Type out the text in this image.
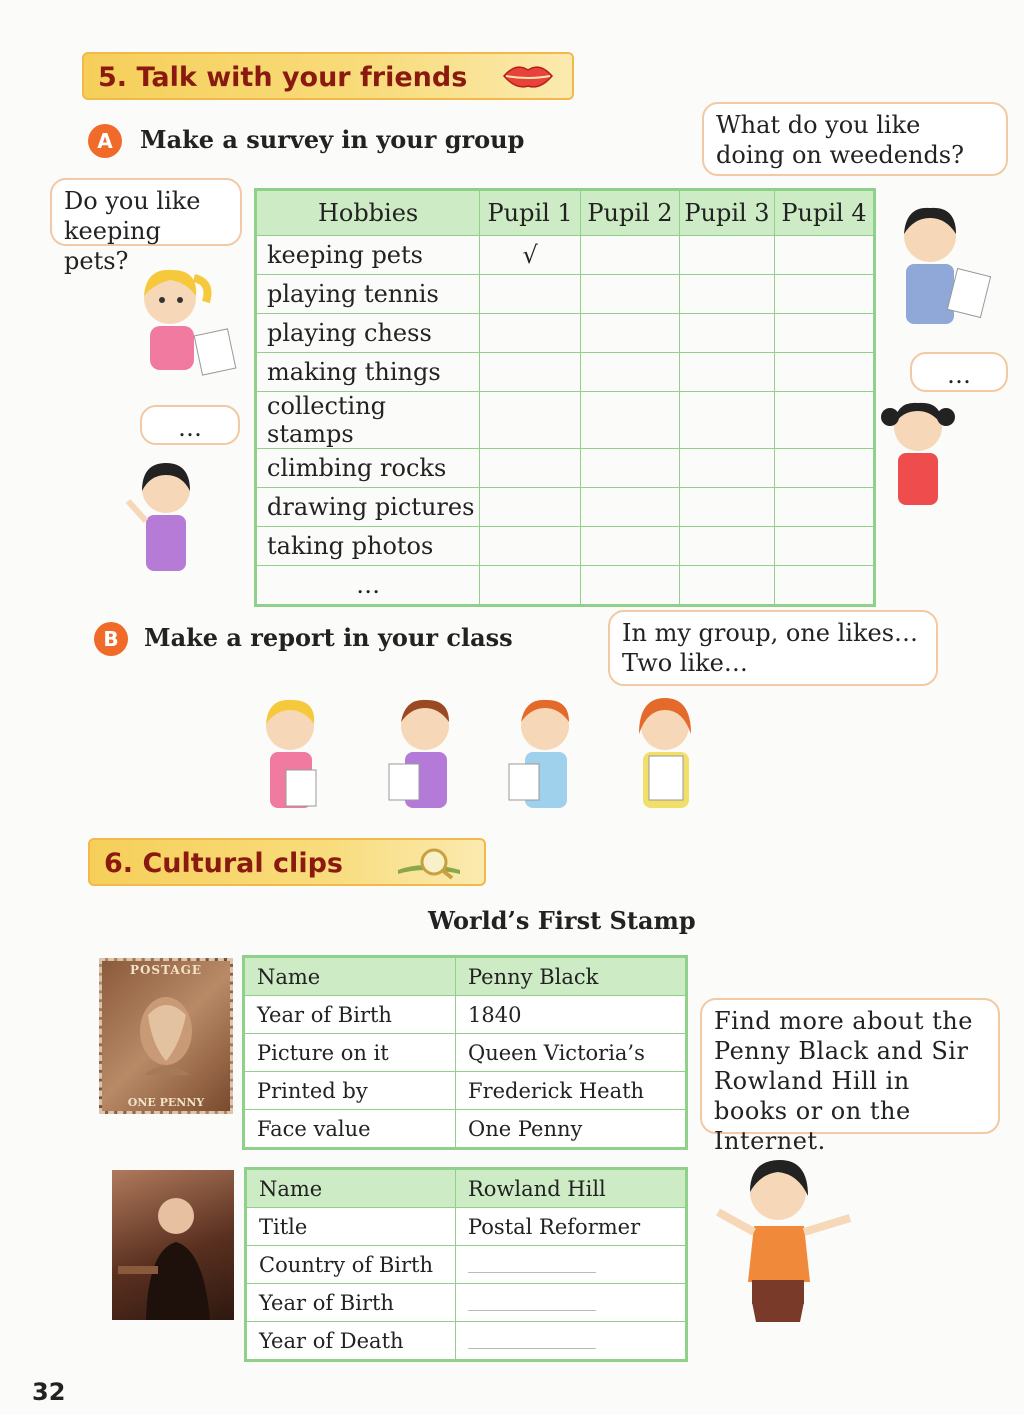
5. Talk with your friends
A	Make a survey in your group
Do you like keeping pets?
What do you like doing on weedends?
…
…
Hobbies	Pupil 1	Pupil 2	Pupil 3	Pupil 4
keeping pets	√			
playing tennis				
playing chess				
making things				
collecting stamps				
climbing rocks				
drawing pictures				
taking photos				
…				
B	Make a report in your class	In my group, one likes… Two like…
6. Cultural clips
World’s First Stamp
POSTAGE
ONE PENNY
Name	Penny Black
Year of Birth	1840
Picture on it	Queen Victoria’s
Printed by	Frederick Heath
Face value	One Penny
Name	Rowland Hill
Title	Postal Reformer
Country of Birth	
Year of Birth	
Year of Death	
Find more about the Penny Black and Sir Rowland Hill in books or on the Internet.
32
